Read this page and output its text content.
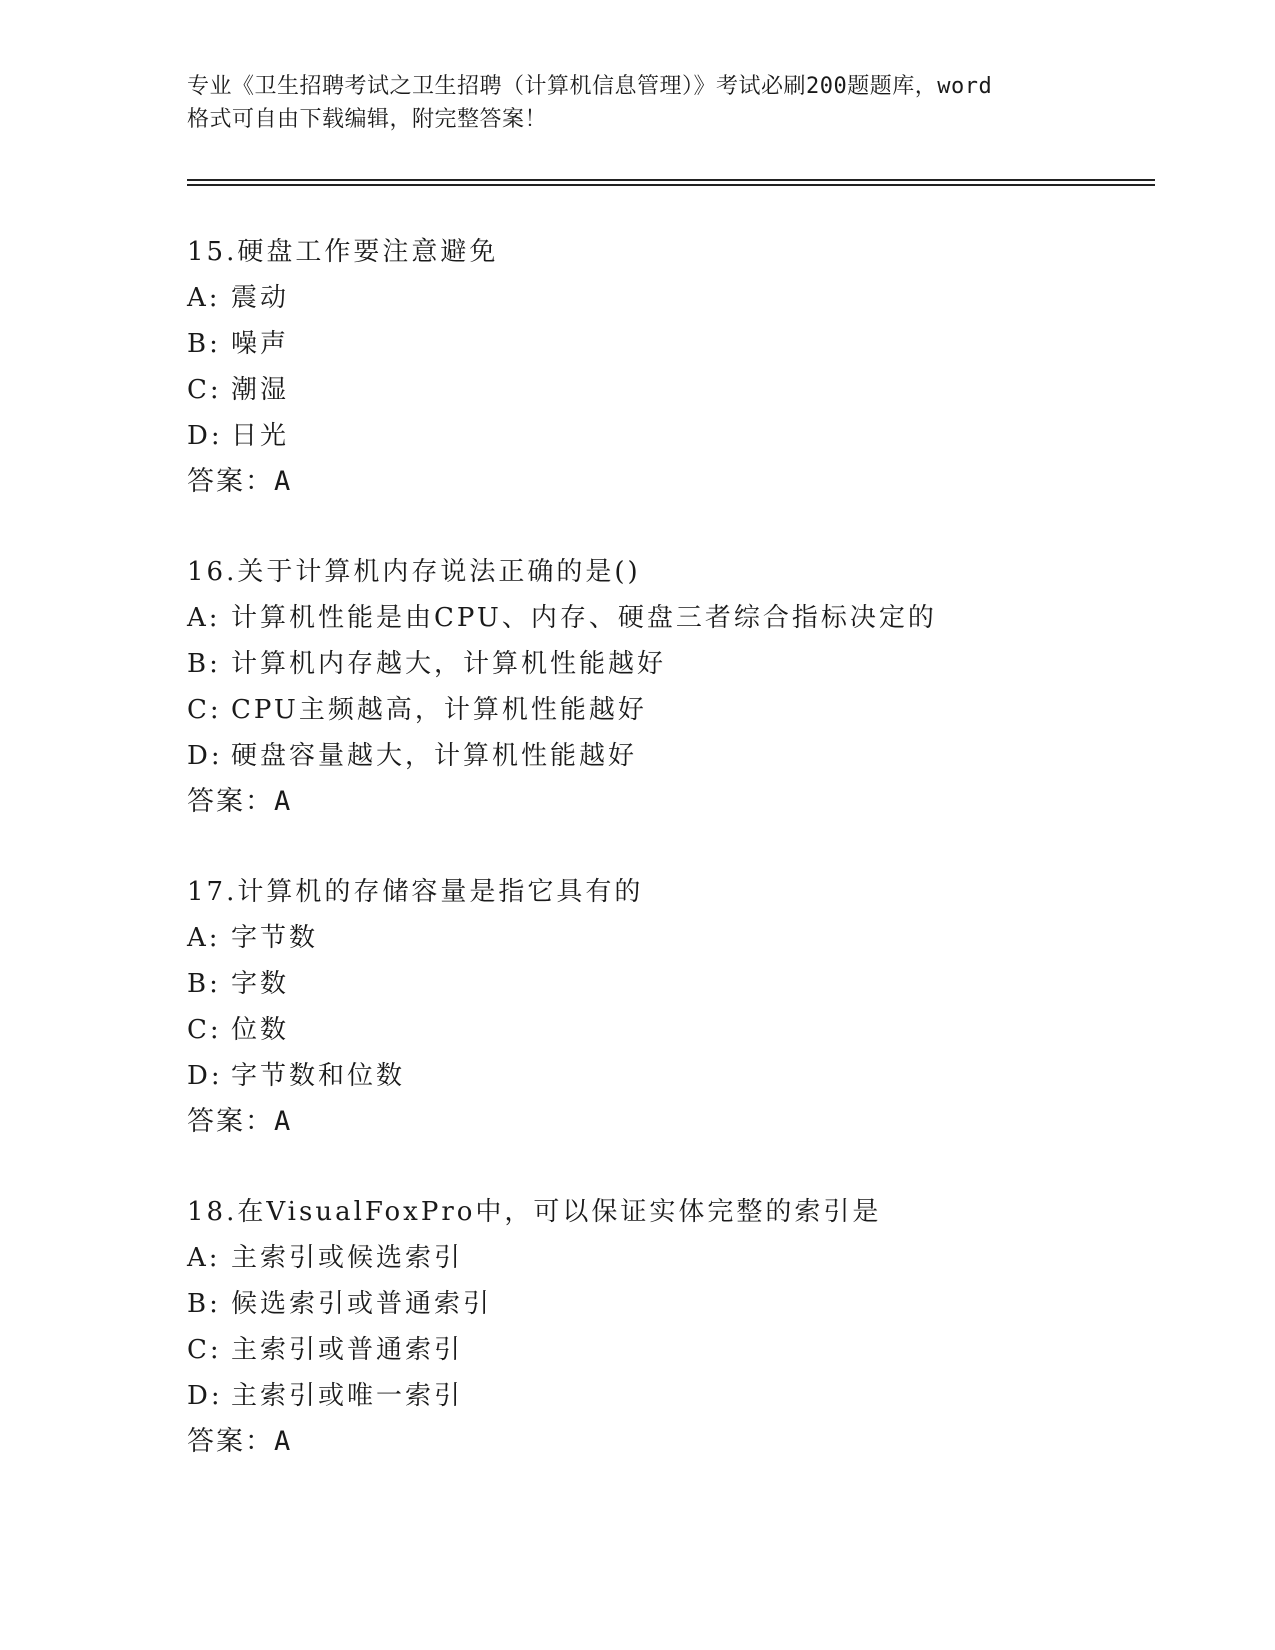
专业《卫生招聘考试之卫生招聘（计算机信息管理）》考试必刷200题题库，word

格式可自由下载编辑，附完整答案！

15.硬盘工作要注意避免
A: 震动
B: 噪声
C: 潮湿
D: 日光
答案：A
16.关于计算机内存说法正确的是()
A: 计算机性能是由CPU、内存、硬盘三者综合指标决定的
B: 计算机内存越大，计算机性能越好
C: CPU主频越高，计算机性能越好
D: 硬盘容量越大，计算机性能越好
答案：A
17.计算机的存储容量是指它具有的
A: 字节数
B: 字数
C: 位数
D: 字节数和位数
答案：A
18.在VisualFoxPro中，可以保证实体完整的索引是
A: 主索引或候选索引
B: 候选索引或普通索引
C: 主索引或普通索引
D: 主索引或唯一索引
答案：A
